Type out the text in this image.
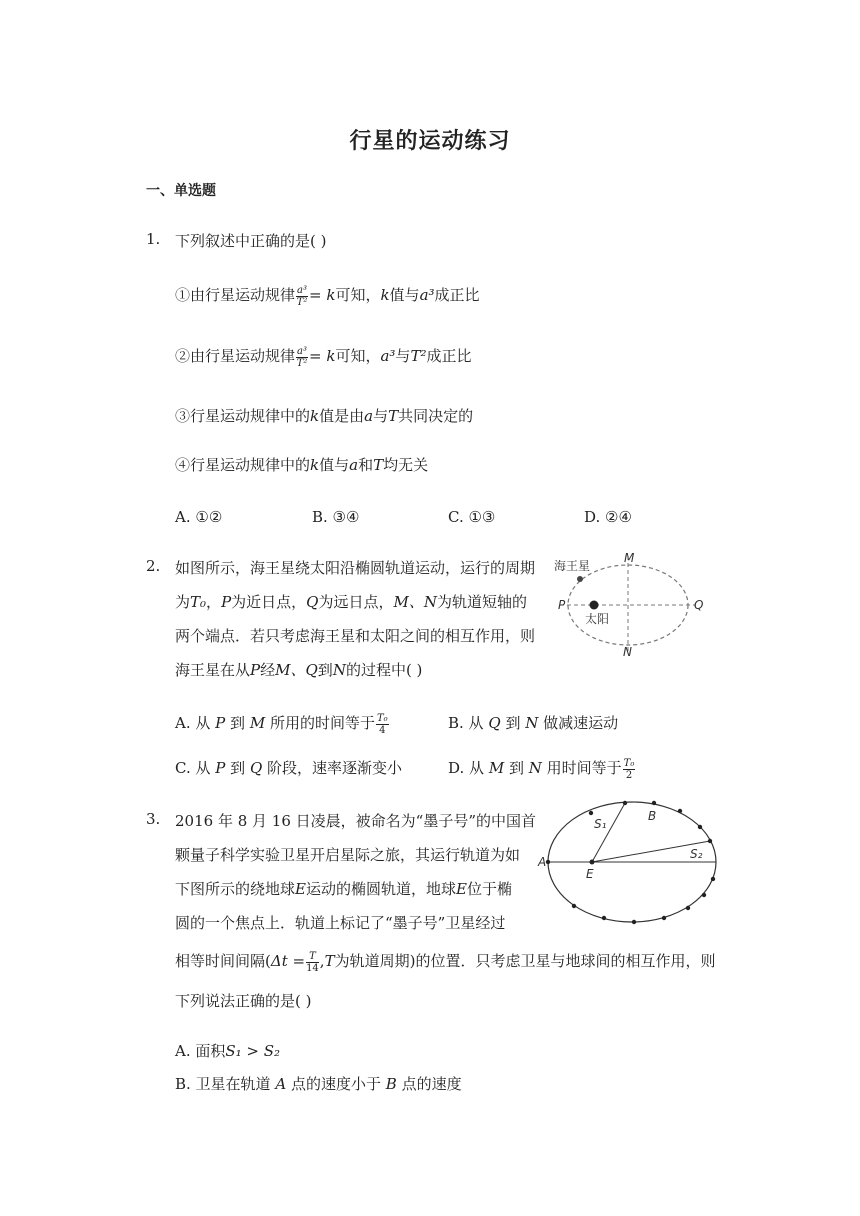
行星的运动练习
一、单选题
1. 下列叙述中正确的是( )
①由行星运动规律 $\frac{\text{a³}}{\text{T²}} = k$可知，k值与a³成正比
②由行星运动规律 $\frac{\text{a³}}{\text{T²}} = k$可知，a³与T²成正比
③行星运动规律中的k值是由a与T共同决定的
④行星运动规律中的k值与a和T均无关
A. ①②	B. ③④	C. ①③	D. ②④
2. 如图所示，海王星绕太阳沿椭圆轨道运动，运行的周期
为T₀，P为近日点，Q为远日点，M、N为轨道短轴的
两个端点．若只考虑海王星和太阳之间的相互作用，则
海王星在从P经M、Q到N的过程中( )
海王星
太阳
M
N
P	Q
A. 从 P 到 M 所用的时间等于 $\frac{\text{T₀}}{4}$	B. 从 Q 到 N 做减速运动
C. 从 P 到 Q 阶段，速率逐渐变小	D. 从 M 到 N 用时间等于 $\frac{\text{T₀}}{2}$
3. 2016 年 8 月 16 日凌晨，被命名为“墨子号”的中国首
颗量子科学实验卫星开启星际之旅，其运行轨道为如
下图所示的绕地球E运动的椭圆轨道，地球E位于椭
圆的一个焦点上．轨道上标记了“墨子号”卫星经过
相等时间间隔($\Delta t = \frac{T}{14} ,T$为轨道周期)的位置．只考虑卫星与地球间的相互作用，则
下列说法正确的是( )
A
B
E
S₁
S₂
A. 面积S₁ > S₂
B. 卫星在轨道 A 点的速度小于 B 点的速度
